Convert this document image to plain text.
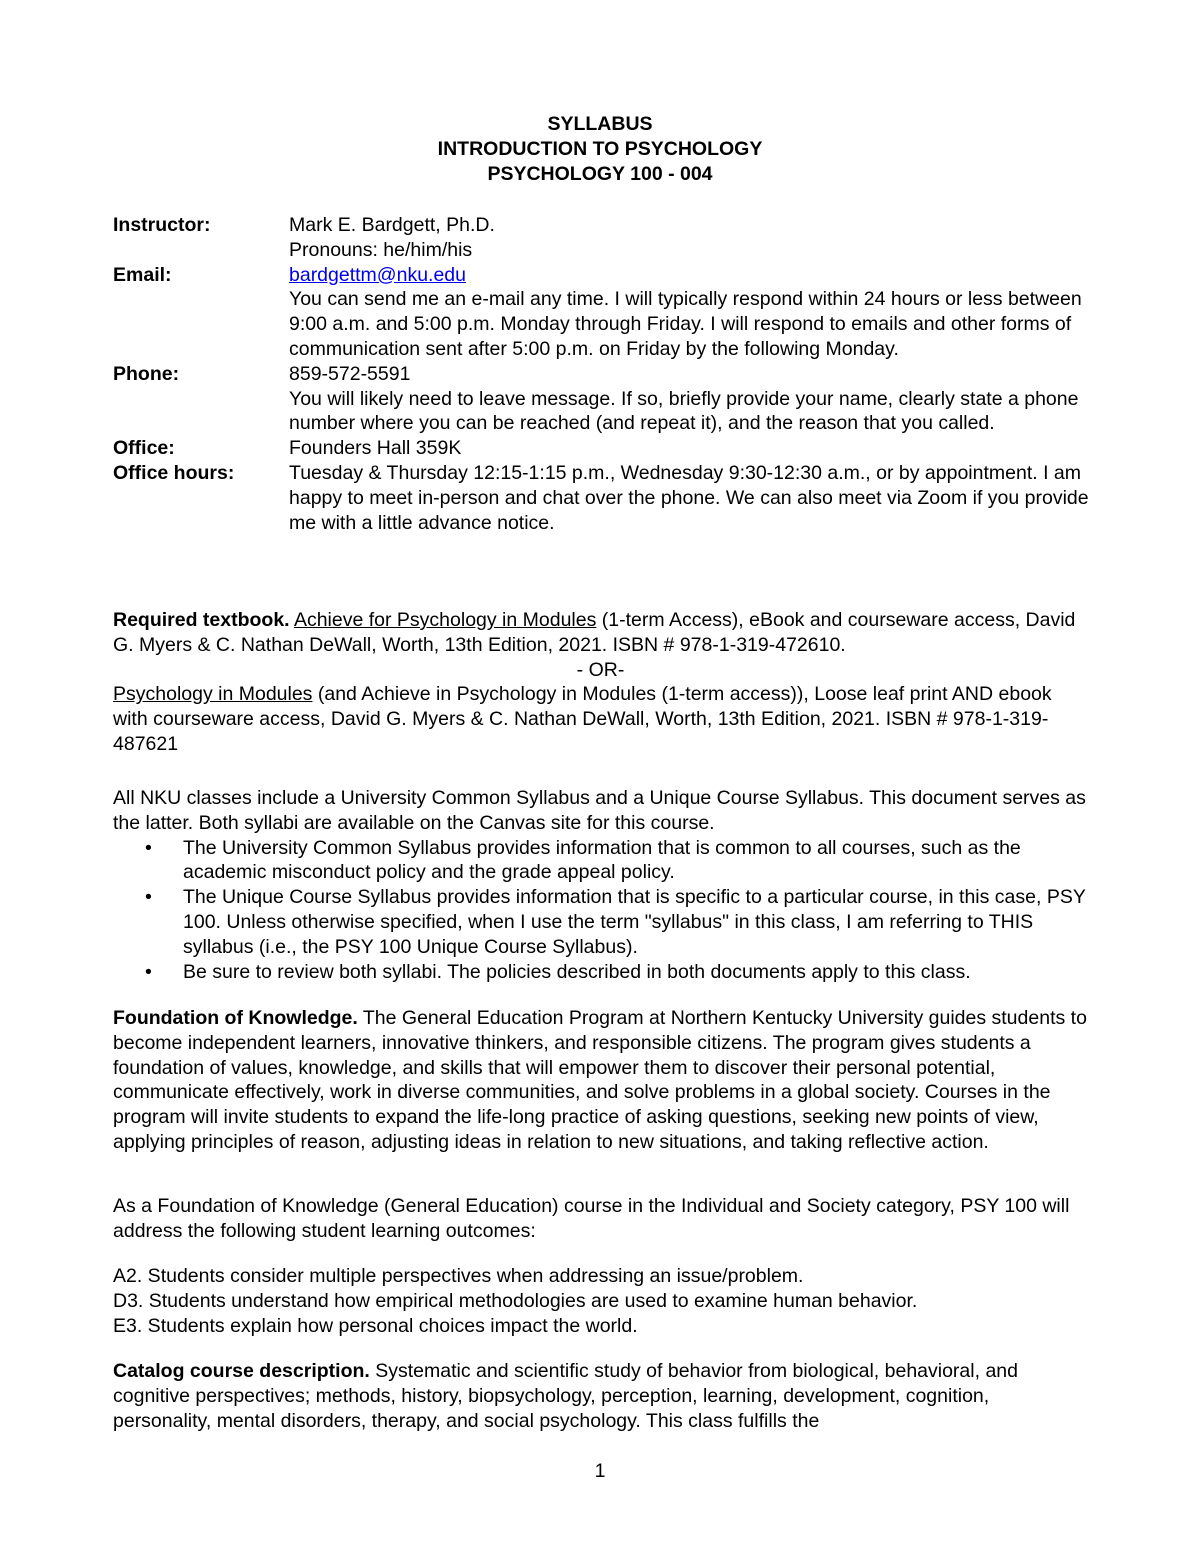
SYLLABUS
INTRODUCTION TO PSYCHOLOGY
PSYCHOLOGY 100 - 004
Instructor:	Mark E. Bardgett, Ph.D.
Pronouns: he/him/his
Email:	bardgettm@nku.edu
You can send me an e-mail any time. I will typically respond within 24 hours or less between 9:00 a.m. and 5:00 p.m. Monday through Friday. I will respond to emails and other forms of communication sent after 5:00 p.m. on Friday by the following Monday.
Phone:	859-572-5591
You will likely need to leave message. If so, briefly provide your name, clearly state a phone number where you can be reached (and repeat it), and the reason that you called.
Office:	Founders Hall 359K
Office hours:	Tuesday & Thursday 12:15-1:15 p.m., Wednesday 9:30-12:30 a.m., or by appointment. I am happy to meet in-person and chat over the phone. We can also meet via Zoom if you provide me with a little advance notice.

Required textbook. Achieve for Psychology in Modules (1-term Access), eBook and courseware access, David G. Myers & C. Nathan DeWall, Worth, 13th Edition, 2021. ISBN # 978-1-319-472610.

- OR-

Psychology in Modules (and Achieve in Psychology in Modules (1-term access)), Loose leaf print AND ebook with courseware access, David G. Myers & C. Nathan DeWall, Worth, 13th Edition, 2021. ISBN # 978-1-319-487621

All NKU classes include a University Common Syllabus and a Unique Course Syllabus. This document serves as the latter. Both syllabi are available on the Canvas site for this course.

• The University Common Syllabus provides information that is common to all courses, such as the academic misconduct policy and the grade appeal policy.
• The Unique Course Syllabus provides information that is specific to a particular course, in this case, PSY 100. Unless otherwise specified, when I use the term "syllabus" in this class, I am referring to THIS syllabus (i.e., the PSY 100 Unique Course Syllabus).
• Be sure to review both syllabi. The policies described in both documents apply to this class.

Foundation of Knowledge. The General Education Program at Northern Kentucky University guides students to become independent learners, innovative thinkers, and responsible citizens. The program gives students a foundation of values, knowledge, and skills that will empower them to discover their personal potential, communicate effectively, work in diverse communities, and solve problems in a global society. Courses in the program will invite students to expand the life-long practice of asking questions, seeking new points of view, applying principles of reason, adjusting ideas in relation to new situations, and taking reflective action.

As a Foundation of Knowledge (General Education) course in the Individual and Society category, PSY 100 will address the following student learning outcomes:

A2. Students consider multiple perspectives when addressing an issue/problem.
D3. Students understand how empirical methodologies are used to examine human behavior.
E3. Students explain how personal choices impact the world.

Catalog course description. Systematic and scientific study of behavior from biological, behavioral, and cognitive perspectives; methods, history, biopsychology, perception, learning, development, cognition, personality, mental disorders, therapy, and social psychology. This class fulfills the

1
